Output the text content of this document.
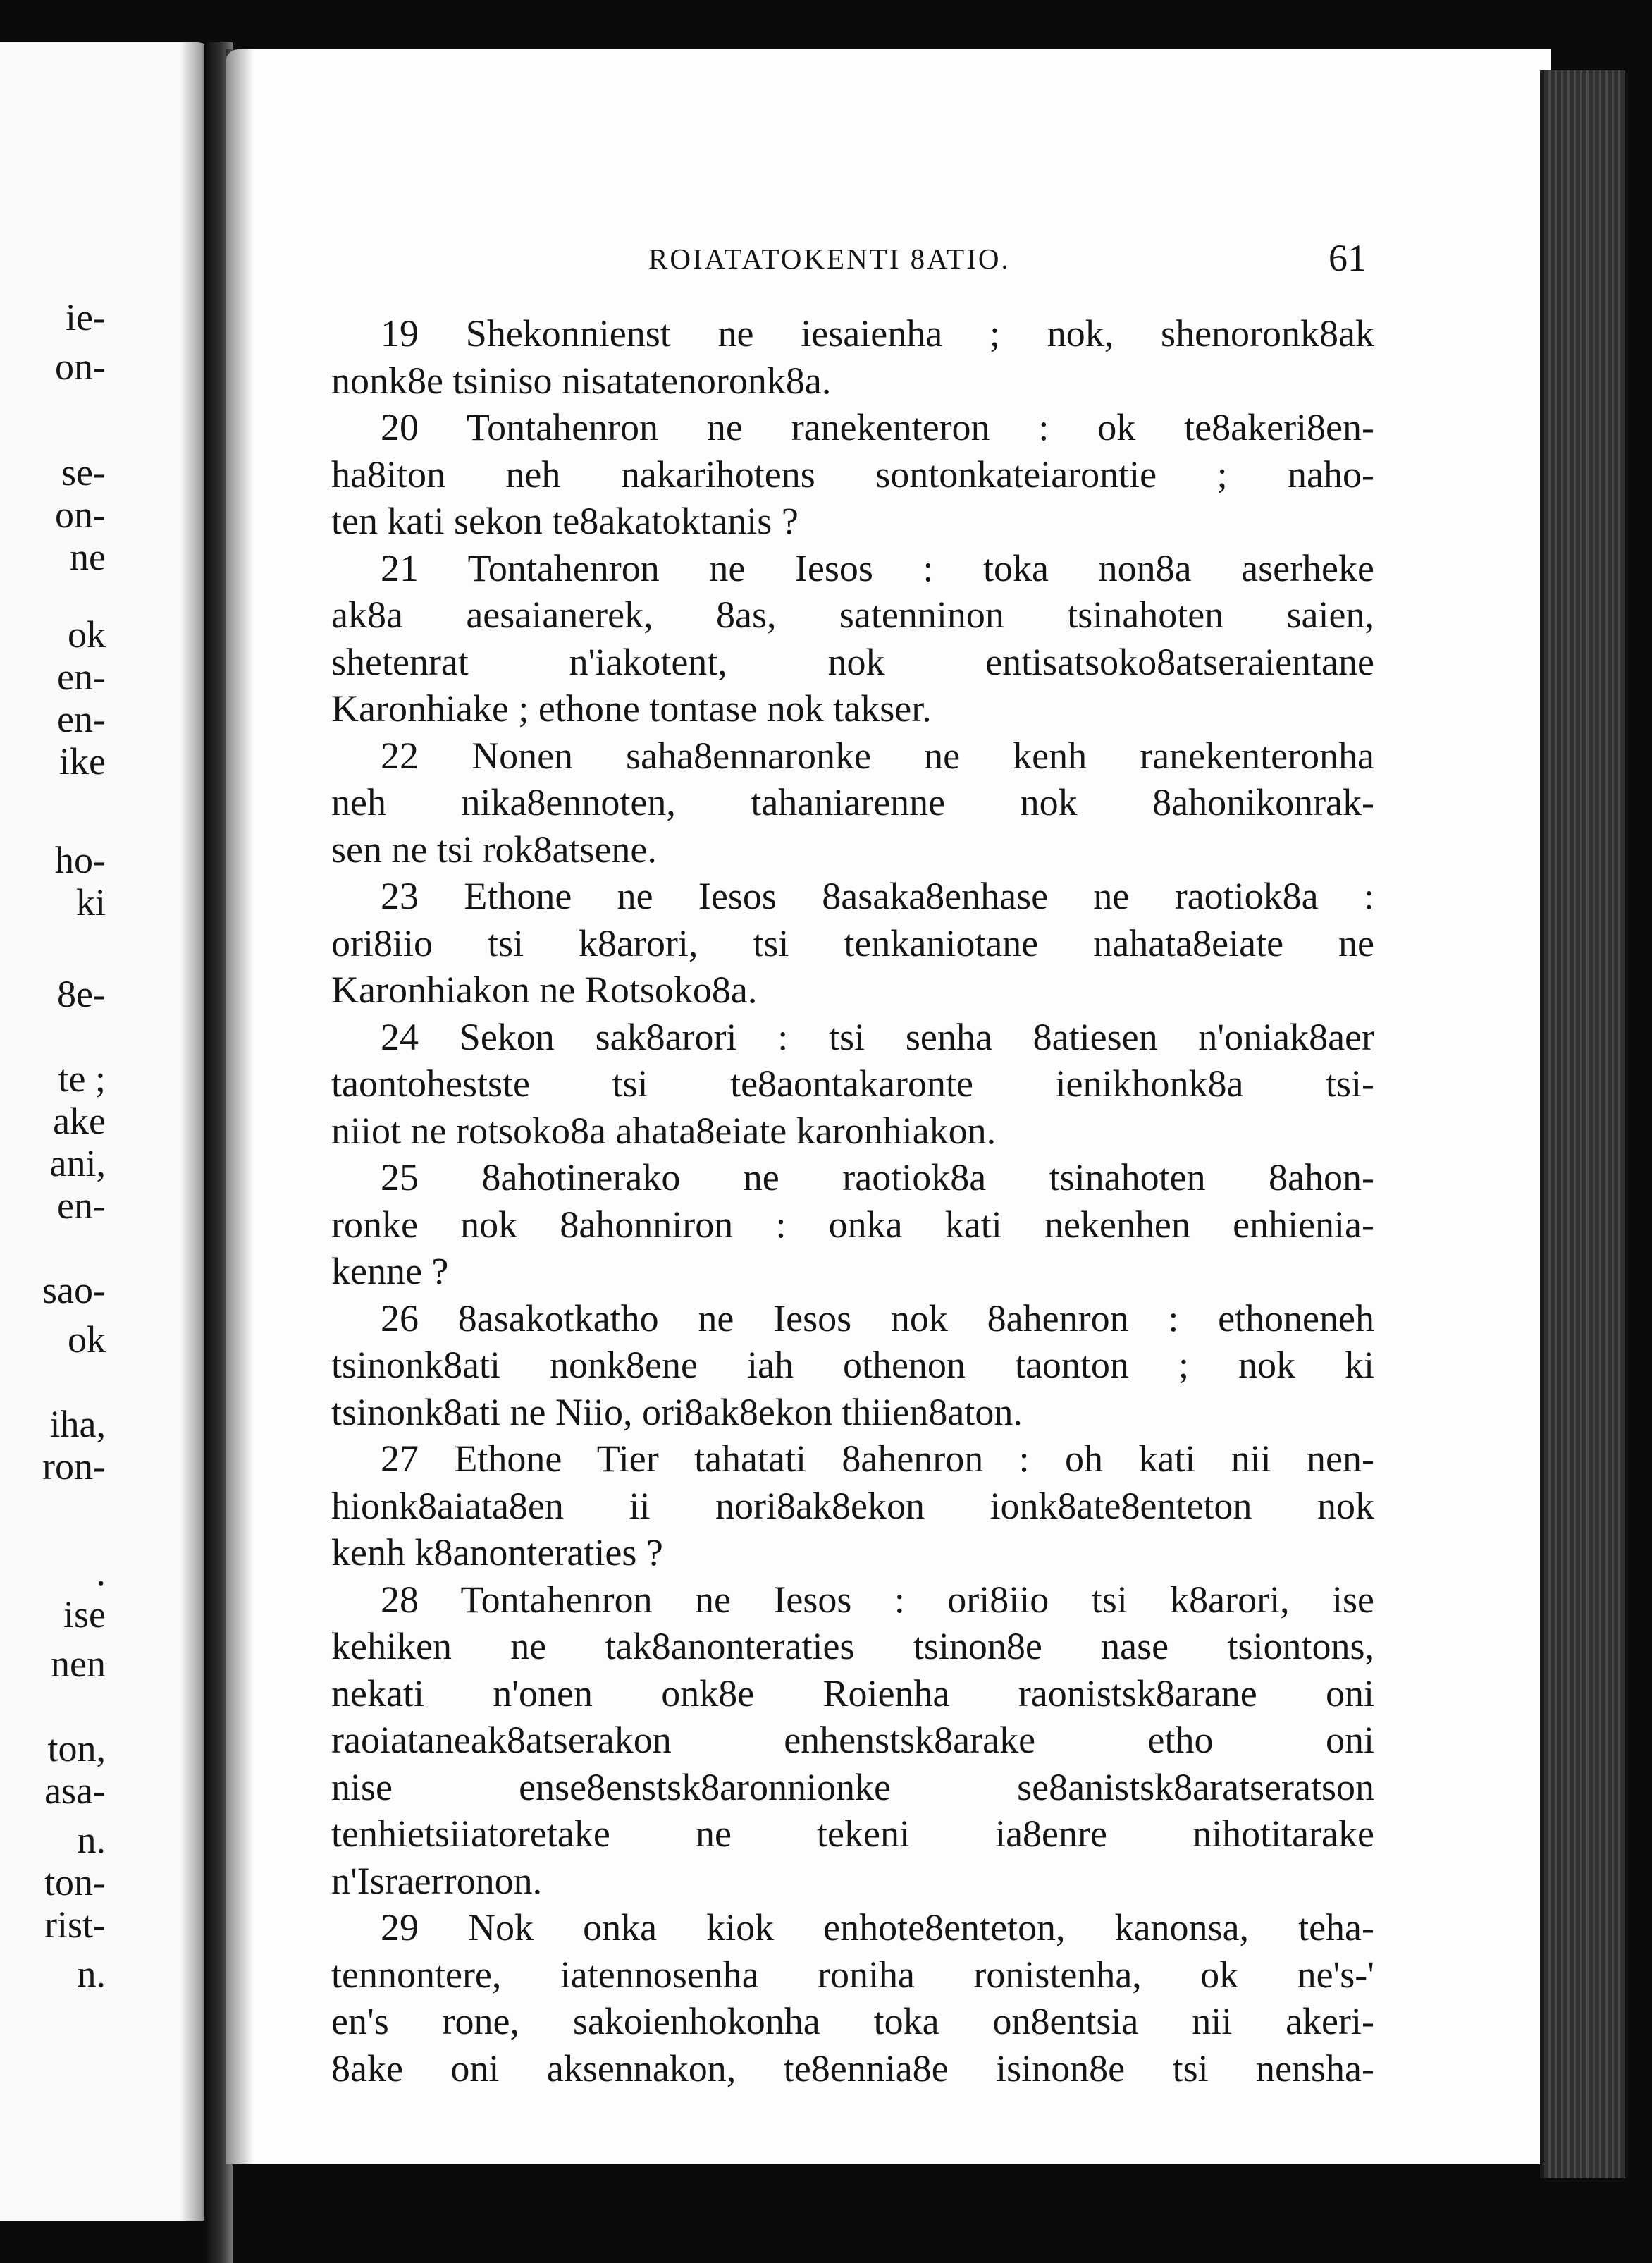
ie-
on-
se-
on-
ne
ok
en-
en-
ike
ho-
ki
8e-
te ;
ake
ani,
en-
sao-
ok
iha,
ron-
.
ise
nen
ton,
asa-
n.
ton-
rist-
n.
ROIATATOKENTI 8ATIO.	61
19 Shekonnienst ne iesaienha ; nok, shenoronk8ak
nonk8e tsiniso nisatatenoronk8a.
20 Tontahenron ne ranekenteron : ok te8akeri8en-
ha8iton neh nakarihotens sontonkateiarontie ; naho-
ten kati sekon te8akatoktanis ?
21 Tontahenron ne Iesos : toka non8a aserheke
ak8a aesaianerek, 8as, satenninon tsinahoten saien,
shetenrat n'iakotent, nok entisatsoko8atseraientane
Karonhiake ; ethone tontase nok takser.
22 Nonen saha8ennaronke ne kenh ranekenteronha
neh nika8ennoten, tahaniarenne nok 8ahonikonrak-
sen ne tsi rok8atsene.
23 Ethone ne Iesos 8asaka8enhase ne raotiok8a :
ori8iio tsi k8arori, tsi tenkaniotane nahata8eiate ne
Karonhiakon ne Rotsoko8a.
24 Sekon sak8arori : tsi senha 8atiesen n'oniak8aer
taontohestste tsi te8aontakaronte ienikhonk8a tsi-
niiot ne rotsoko8a ahata8eiate karonhiakon.
25 8ahotinerako ne raotiok8a tsinahoten 8ahon-
ronke nok 8ahonniron : onka kati nekenhen enhienia-
kenne ?
26 8asakotkatho ne Iesos nok 8ahenron : ethoneneh
tsinonk8ati nonk8ene iah othenon taonton ; nok ki
tsinonk8ati ne Niio, ori8ak8ekon thiien8aton.
27 Ethone Tier tahatati 8ahenron : oh kati nii nen-
hionk8aiata8en ii nori8ak8ekon ionk8ate8enteton nok
kenh k8anonteraties ?
28 Tontahenron ne Iesos : ori8iio tsi k8arori, ise
kehiken ne tak8anonteraties tsinon8e nase tsiontons,
nekati n'onen onk8e Roienha raonistsk8arane oni
raoiataneak8atserakon enhenstsk8arake etho oni
nise ense8enstsk8aronnionke se8anistsk8aratseratson
tenhietsiiatoretake ne tekeni ia8enre nihotitarake
n'Israerronon.
29 Nok onka kiok enhote8enteton, kanonsa, teha-
tennontere, iatennosenha roniha ronistenha, ok ne's-'
en's rone, sakoienhokonha toka on8entsia nii akeri-
8ake oni aksennakon, te8ennia8e isinon8e tsi nensha-
